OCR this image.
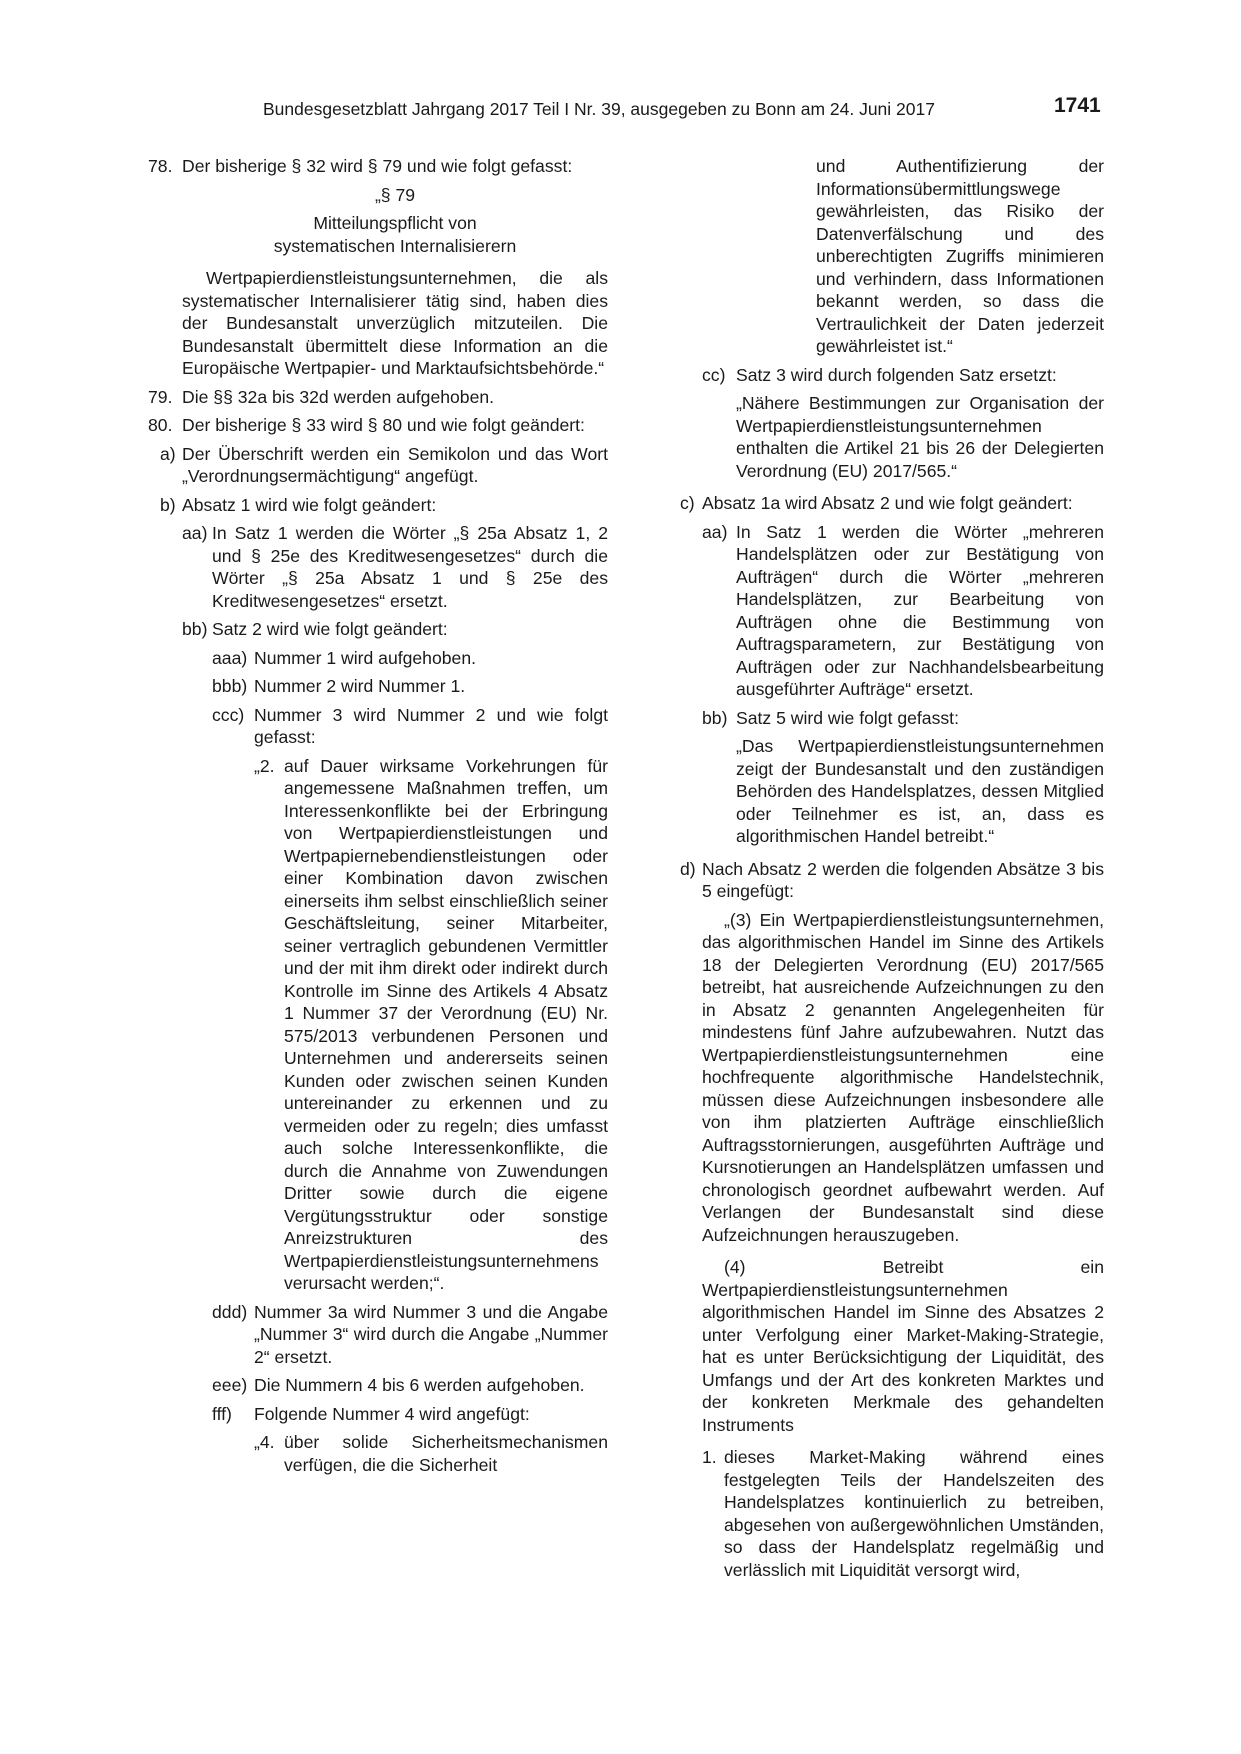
Bundesgesetzblatt Jahrgang 2017 Teil I Nr. 39, ausgegeben zu Bonn am 24. Juni 2017	1741
78. Der bisherige § 32 wird § 79 und wie folgt gefasst:

„§ 79

Mitteilungspflicht von

systematischen Internalisierern

Wertpapierdienstleistungsunternehmen, die als systematischer Internalisierer tätig sind, haben dies der Bundesanstalt unverzüglich mitzuteilen. Die Bundesanstalt übermittelt diese Information an die Europäische Wertpapier- und Marktaufsichtsbehörde.“

79. Die §§ 32a bis 32d werden aufgehoben.
80. Der bisherige § 33 wird § 80 und wie folgt geändert:
a) Der Überschrift werden ein Semikolon und das Wort „Verordnungsermächtigung“ angefügt.
b) Absatz 1 wird wie folgt geändert:
aa) In Satz 1 werden die Wörter „§ 25a Absatz 1, 2 und § 25e des Kreditwesengesetzes“ durch die Wörter „§ 25a Absatz 1 und § 25e des Kreditwesengesetzes“ ersetzt.
bb) Satz 2 wird wie folgt geändert:
aaa) Nummer 1 wird aufgehoben.
bbb) Nummer 2 wird Nummer 1.
ccc) Nummer 3 wird Nummer 2 und wie folgt gefasst:
„2. auf Dauer wirksame Vorkehrungen für angemessene Maßnahmen treffen, um Interessenkonflikte bei der Erbringung von Wertpapierdienstleistungen und Wertpapiernebendienstleistungen oder einer Kombination davon zwischen einerseits ihm selbst einschließlich seiner Geschäftsleitung, seiner Mitarbeiter, seiner vertraglich gebundenen Vermittler und der mit ihm direkt oder indirekt durch Kontrolle im Sinne des Artikels 4 Absatz 1 Nummer 37 der Verordnung (EU) Nr. 575/2013 verbundenen Personen und Unternehmen und andererseits seinen Kunden oder zwischen seinen Kunden untereinander zu erkennen und zu vermeiden oder zu regeln; dies umfasst auch solche Interessenkonflikte, die durch die Annahme von Zuwendungen Dritter sowie durch die eigene Vergütungsstruktur oder sonstige Anreizstrukturen des Wertpapierdienstleistungsunternehmens verursacht werden;“.
ddd) Nummer 3a wird Nummer 3 und die Angabe „Nummer 3“ wird durch die Angabe „Nummer 2“ ersetzt.
eee) Die Nummern 4 bis 6 werden aufgehoben.
fff) Folgende Nummer 4 wird angefügt:
„4. über solide Sicherheitsmechanismen verfügen, die die Sicherheit

und Authentifizierung der Informationsübermittlungswege gewährleisten, das Risiko der Datenverfälschung und des unberechtigten Zugriffs minimieren und verhindern, dass Informationen bekannt werden, so dass die Vertraulichkeit der Daten jederzeit gewährleistet ist.“

cc) Satz 3 wird durch folgenden Satz ersetzt:

„Nähere Bestimmungen zur Organisation der Wertpapierdienstleistungsunternehmen enthalten die Artikel 21 bis 26 der Delegierten Verordnung (EU) 2017/565.“

c) Absatz 1a wird Absatz 2 und wie folgt geändert:
aa) In Satz 1 werden die Wörter „mehreren Handelsplätzen oder zur Bestätigung von Aufträgen“ durch die Wörter „mehreren Handelsplätzen, zur Bearbeitung von Aufträgen ohne die Bestimmung von Auftragsparametern, zur Bestätigung von Aufträgen oder zur Nachhandelsbearbeitung ausgeführter Aufträge“ ersetzt.
bb) Satz 5 wird wie folgt gefasst:

„Das Wertpapierdienstleistungsunternehmen zeigt der Bundesanstalt und den zuständigen Behörden des Handelsplatzes, dessen Mitglied oder Teilnehmer es ist, an, dass es algorithmischen Handel betreibt.“

d) Nach Absatz 2 werden die folgenden Absätze 3 bis 5 eingefügt:

„(3) Ein Wertpapierdienstleistungsunternehmen, das algorithmischen Handel im Sinne des Artikels 18 der Delegierten Verordnung (EU) 2017/565 betreibt, hat ausreichende Aufzeichnungen zu den in Absatz 2 genannten Angelegenheiten für mindestens fünf Jahre aufzubewahren. Nutzt das Wertpapierdienstleistungsunternehmen eine hochfrequente algorithmische Handelstechnik, müssen diese Aufzeichnungen insbesondere alle von ihm platzierten Aufträge einschließlich Auftragsstornierungen, ausgeführten Aufträge und Kursnotierungen an Handelsplätzen umfassen und chronologisch geordnet aufbewahrt werden. Auf Verlangen der Bundesanstalt sind diese Aufzeichnungen herauszugeben.

(4) Betreibt ein Wertpapierdienstleistungsunternehmen algorithmischen Handel im Sinne des Absatzes 2 unter Verfolgung einer Market-Making-Strategie, hat es unter Berücksichtigung der Liquidität, des Umfangs und der Art des konkreten Marktes und der konkreten Merkmale des gehandelten Instruments

1. dieses Market-Making während eines festgelegten Teils der Handelszeiten des Handelsplatzes kontinuierlich zu betreiben, abgesehen von außergewöhnlichen Umständen, so dass der Handelsplatz regelmäßig und verlässlich mit Liquidität versorgt wird,
